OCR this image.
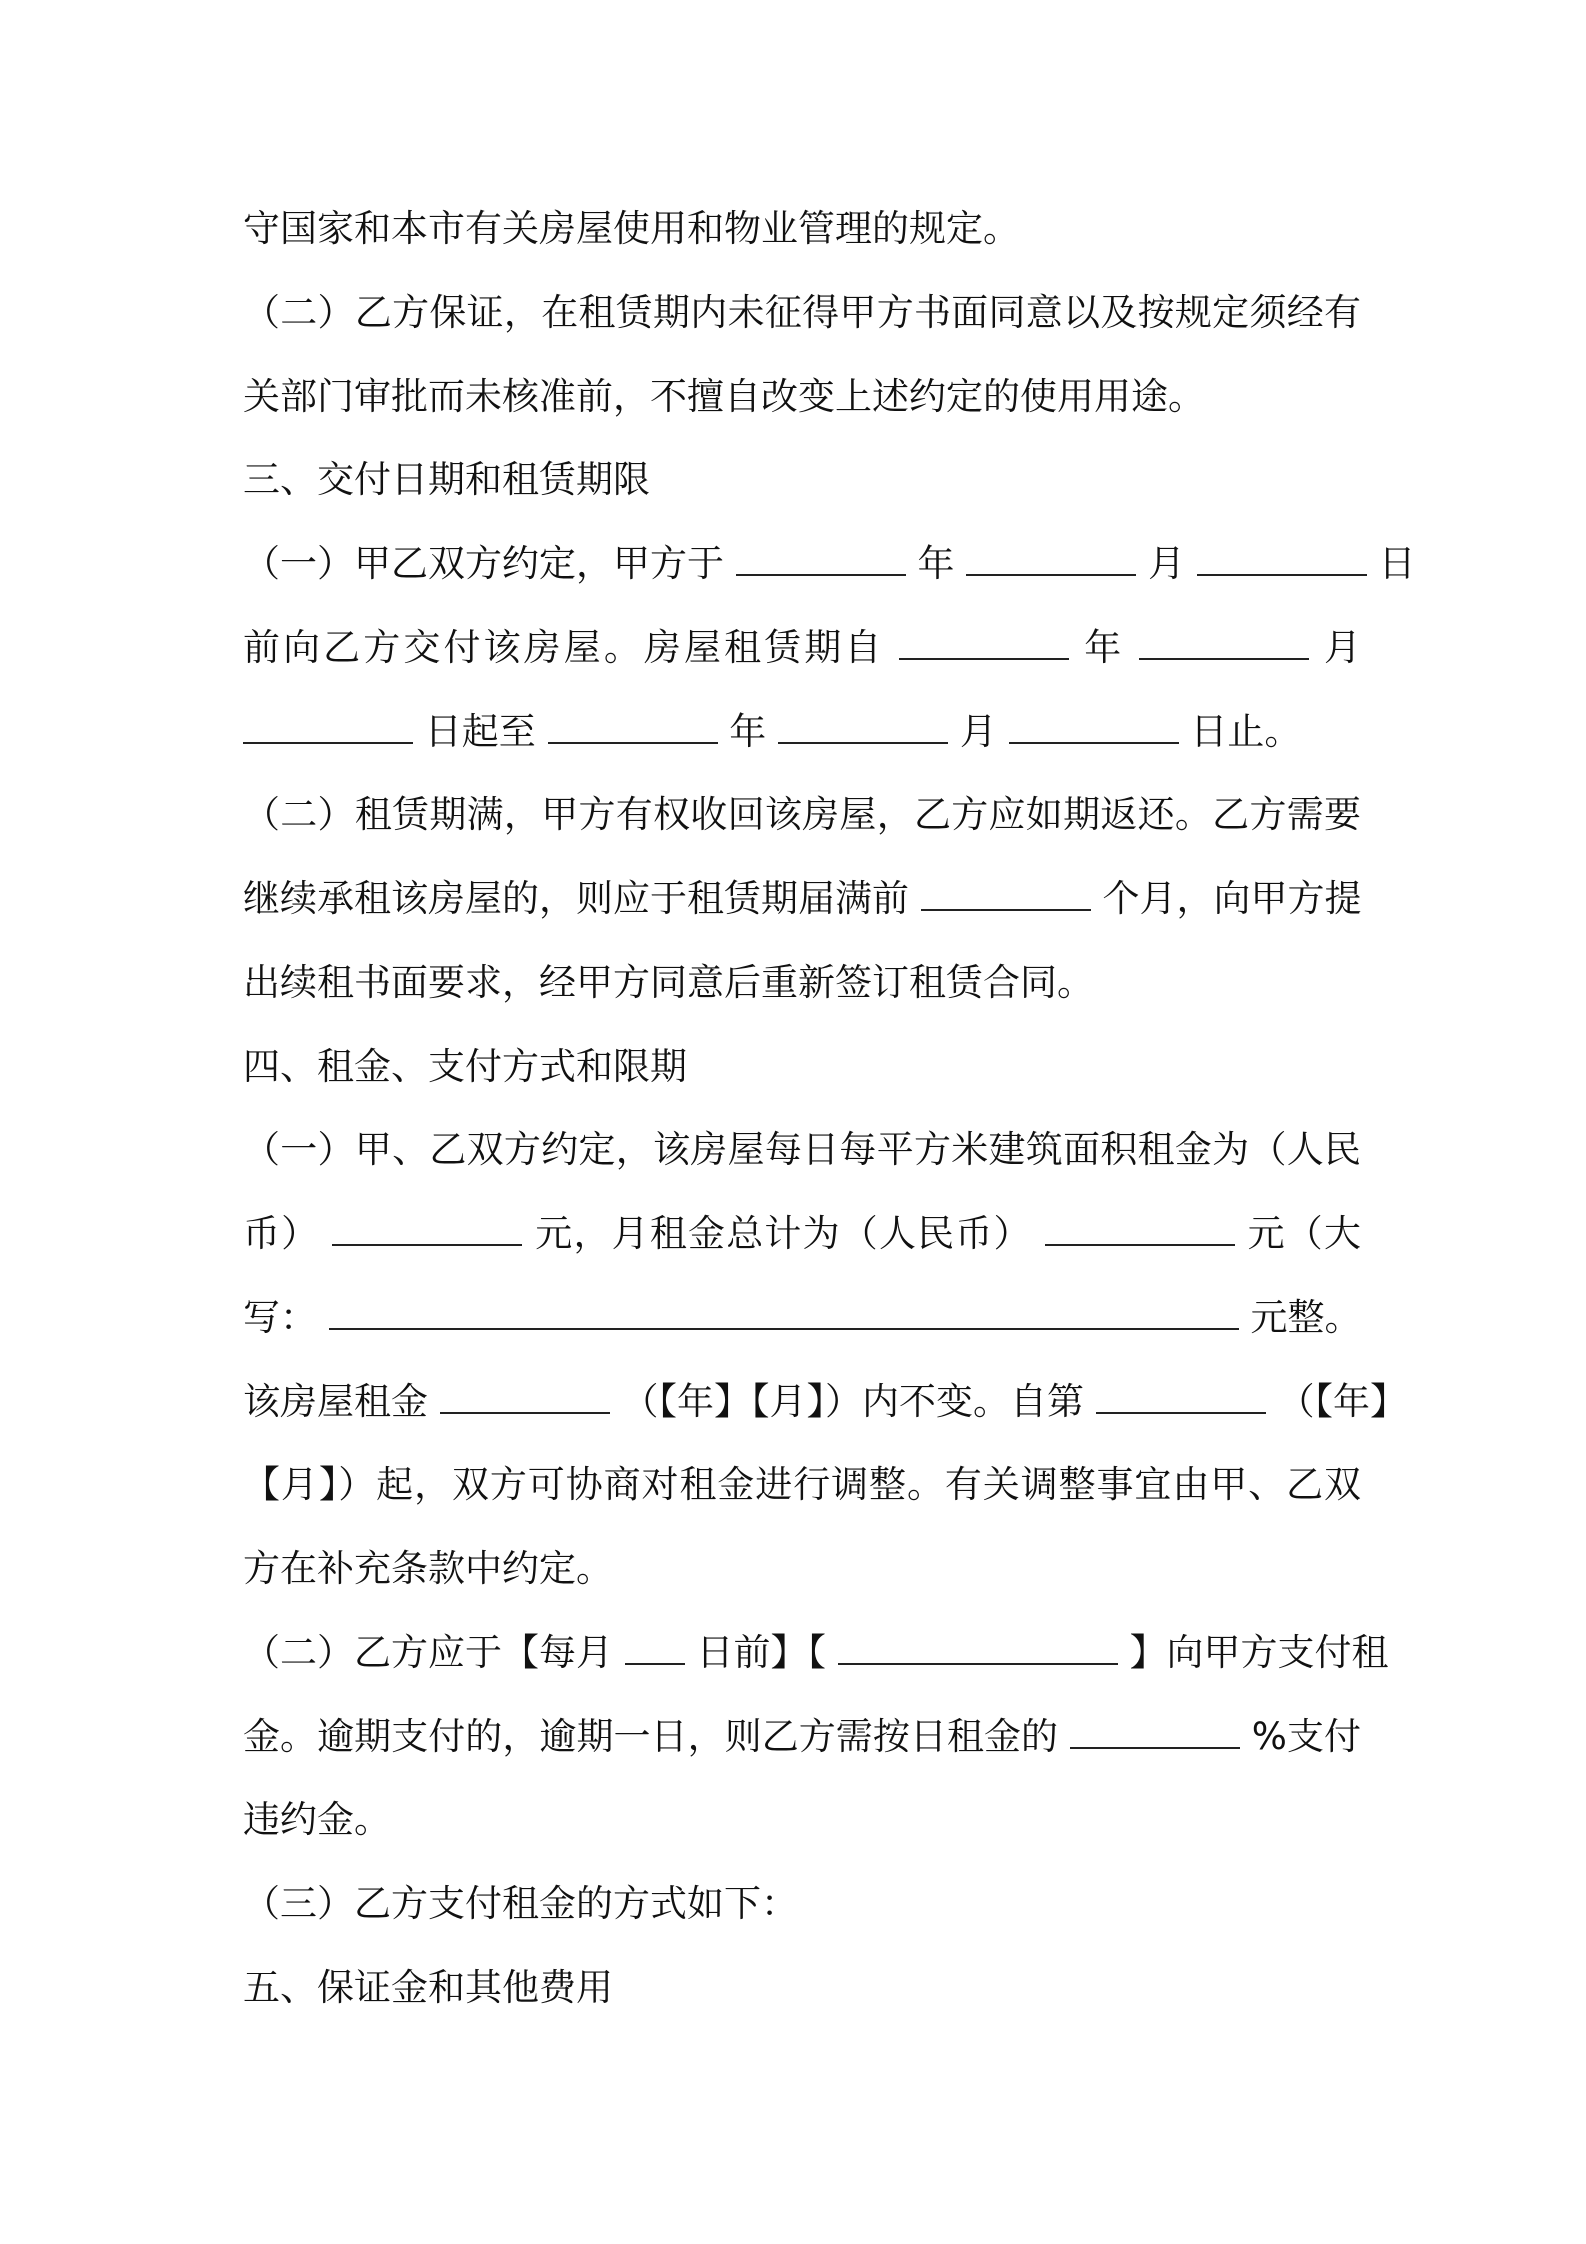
守国家和本市有关房屋使用和物业管理的规定。
（二）乙方保证，在租赁期内未征得甲方书面同意以及按规定须经有
关部门审批而未核准前，不擅自改变上述约定的使用用途。
三、交付日期和租赁期限
（一）甲乙双方约定，甲方于	年	月	日
前向乙方交付该房屋。房屋租赁期自	年	月
日起至	年	月	日止。
（二）租赁期满，甲方有权收回该房屋，乙方应如期返还。乙方需要
继续承租该房屋的，则应于租赁期届满前	个月，向甲方提
出续租书面要求，经甲方同意后重新签订租赁合同。
四、租金、支付方式和限期
（一）甲、乙双方约定，该房屋每日每平方米建筑面积租金为（人民
币）	元，月租金总计为（人民币）	元（大
写：	元整。
该房屋租金	（【年】【月】）内不变。自第	（【年】
【月】）起，双方可协商对租金进行调整。有关调整事宜由甲、乙双
方在补充条款中约定。
（二）乙方应于【每月 日前】【	】向甲方支付租
金。逾期支付的，逾期一日，则乙方需按日租金的	%支付
违约金。
（三）乙方支付租金的方式如下：
五、保证金和其他费用
